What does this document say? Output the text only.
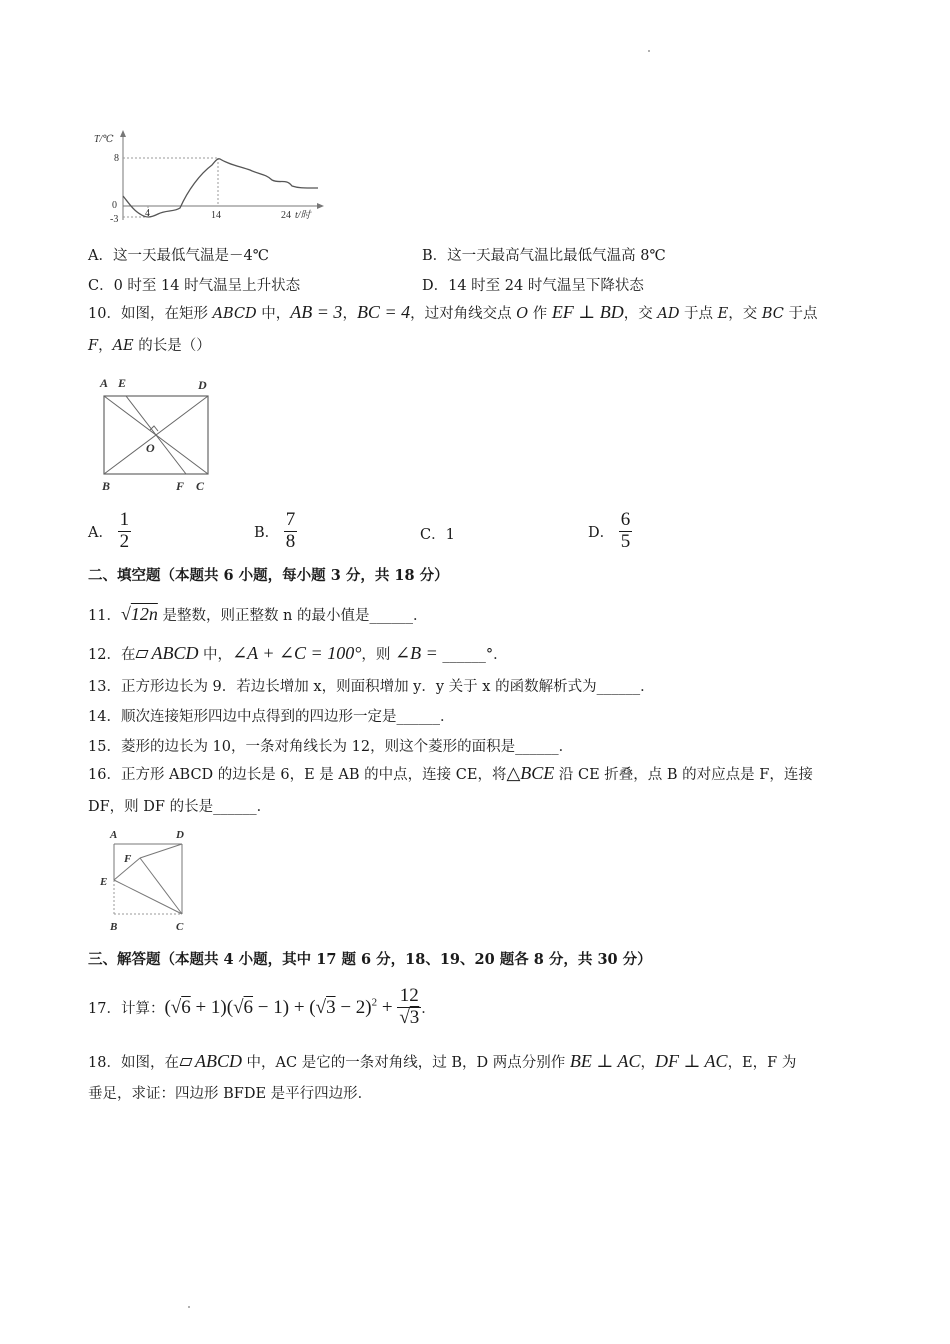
T/℃
8
0
-3
4	14	24 t/时
A．这一天最低气温是－4℃	B．这一天最高气温比最低气温高 8℃
C．0 时至 14 时气温呈上升状态	D．14 时至 24 时气温呈下降状态
10．如图，在矩形 ABCD 中，AB = 3，BC = 4，过对角线交点 O 作 EF ⊥ BD，交 AD 于点 E，交 BC 于点
F，AE 的长是（）
A E	D
O
B	F C
A． $\frac{1}{2}$	B． $\frac{7}{8}$	C．1	D． $\frac{6}{5}$
二、填空题（本题共 6 小题，每小题 3 分，共 18 分）
11．√12n 是整数，则正整数 n 的最小值是______．
12．在 ABCD 中，∠A + ∠C = 100°，则 ∠B = ______°．
13．正方形边长为 9．若边长增加 x，则面积增加 y．y 关于 x 的函数解析式为______．
14．顺次连接矩形四边中点得到的四边形一定是______．
15．菱形的边长为 10，一条对角线长为 12，则这个菱形的面积是______．
16．正方形 ABCD 的边长是 6，E 是 AB 的中点，连接 CE，将△BCE 沿 CE 折叠，点 B 的对应点是 F，连接
DF，则 DF 的长是______．
A	D
F
E
B	C
三、解答题（本题共 4 小题，其中 17 题 6 分，18、19、20 题各 8 分，共 30 分）
17．计算：$(√6 + 1)(√6 - 1) + (√3 - 2)^2 + \frac{12}{√3}$ ．
18．如图，在 ABCD 中，AC 是它的一条对角线，过 B，D 两点分别作 BE ⊥ AC，DF ⊥ AC，E，F 为
垂足，求证：四边形 BFDE 是平行四边形．
